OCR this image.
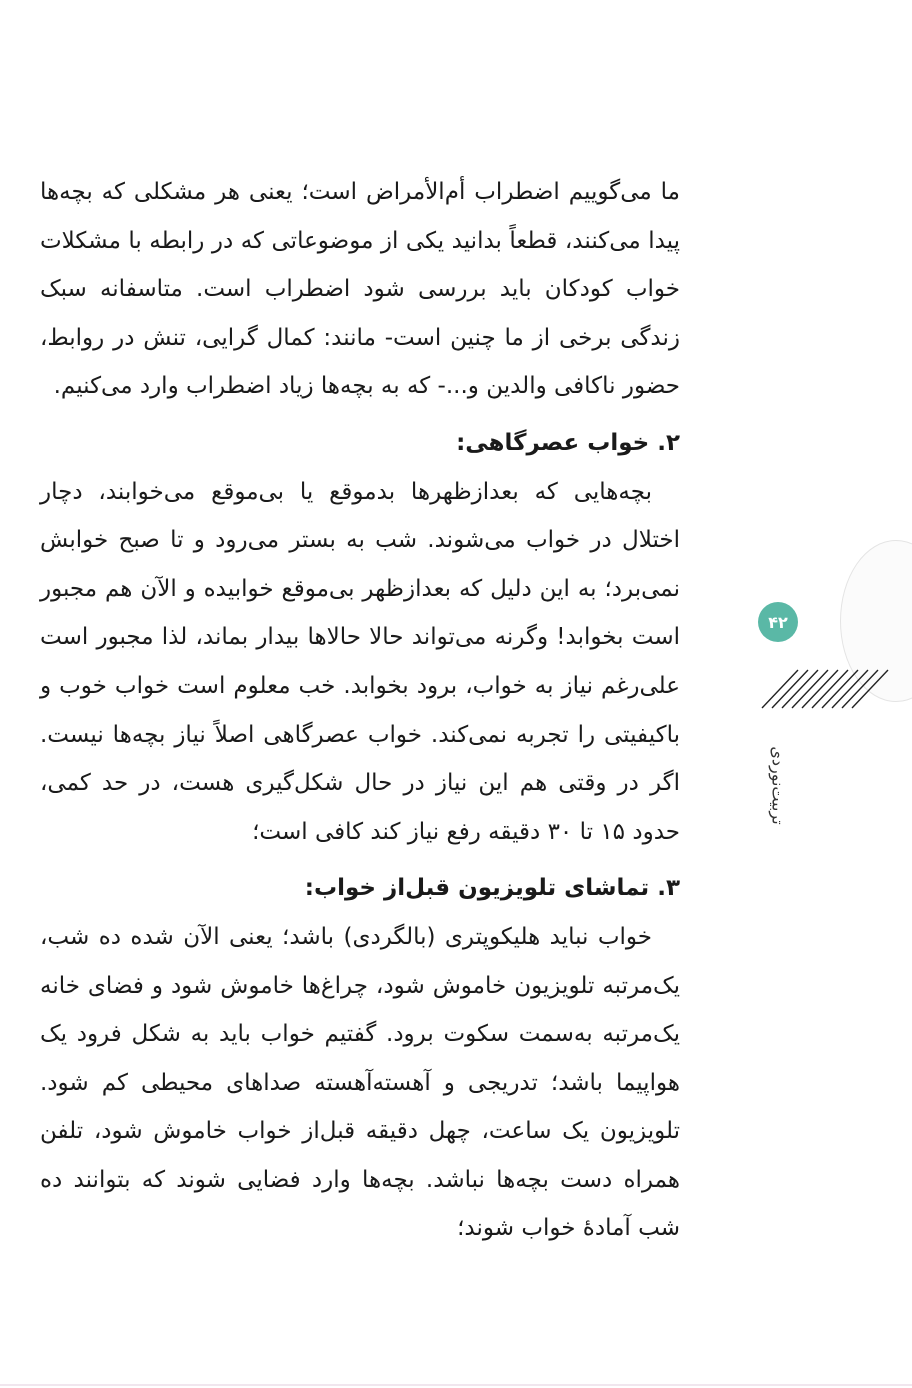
ما می‌گوییم اضطراب أم‌الأمراض است؛ یعنی هر مشکلی که بچه‌ها پیدا می‌کنند، قطعاً بدانید یکی از موضوعاتی که در رابطه با مشکلات خواب کودکان باید بررسی شود اضطراب است. متاسفانه سبک زندگی برخی از ما چنین است- مانند: کمال گرایی، تنش در روابط، حضور ناکافی والدین و...- که به بچه‌ها زیاد اضطراب وارد می‌کنیم.

۲. خواب عصرگاهی:

بچه‌هایی که بعدازظهرها بدموقع یا بی‌موقع می‌خوابند، دچار اختلال در خواب می‌شوند. شب به بستر می‌رود و تا صبح خوابش نمی‌برد؛ به این دلیل که بعدازظهر بی‌موقع خوابیده و الآن هم مجبور است بخوابد! وگرنه می‌تواند حالا حالاها بیدار بماند، لذا مجبور است علی‌رغم نیاز به خواب، برود بخوابد. خب معلوم است خواب خوب و باکیفیتی را تجربه نمی‌کند. خواب عصرگاهی اصلاً نیاز بچه‌ها نیست. اگر در وقتی هم این نیاز در حال شکل‌گیری هست، در حد کمی، حدود ۱۵ تا ۳۰ دقیقه رفع نیاز کند کافی است؛

۳. تماشای تلویزیون قبل‌از خواب:

خواب نباید هلیکوپتری (بالگردی) باشد؛ یعنی الآن شده ده شب، یک‌مرتبه تلویزیون خاموش شود، چراغ‌ها خاموش شود و فضای خانه یک‌مرتبه به‌سمت سکوت برود. گفتیم خواب باید به شکل فرود یک هواپیما باشد؛ تدریجی و آهسته‌آهسته صداهای محیطی کم شود. تلویزیون یک ساعت، چهل دقیقه قبل‌از خواب خاموش شود، تلفن همراه دست بچه‌ها نباشد. بچه‌ها وارد فضایی شوند که بتوانند ده شب آمادهٔ خواب شوند؛

۴۲
تربیت‌نوردی
